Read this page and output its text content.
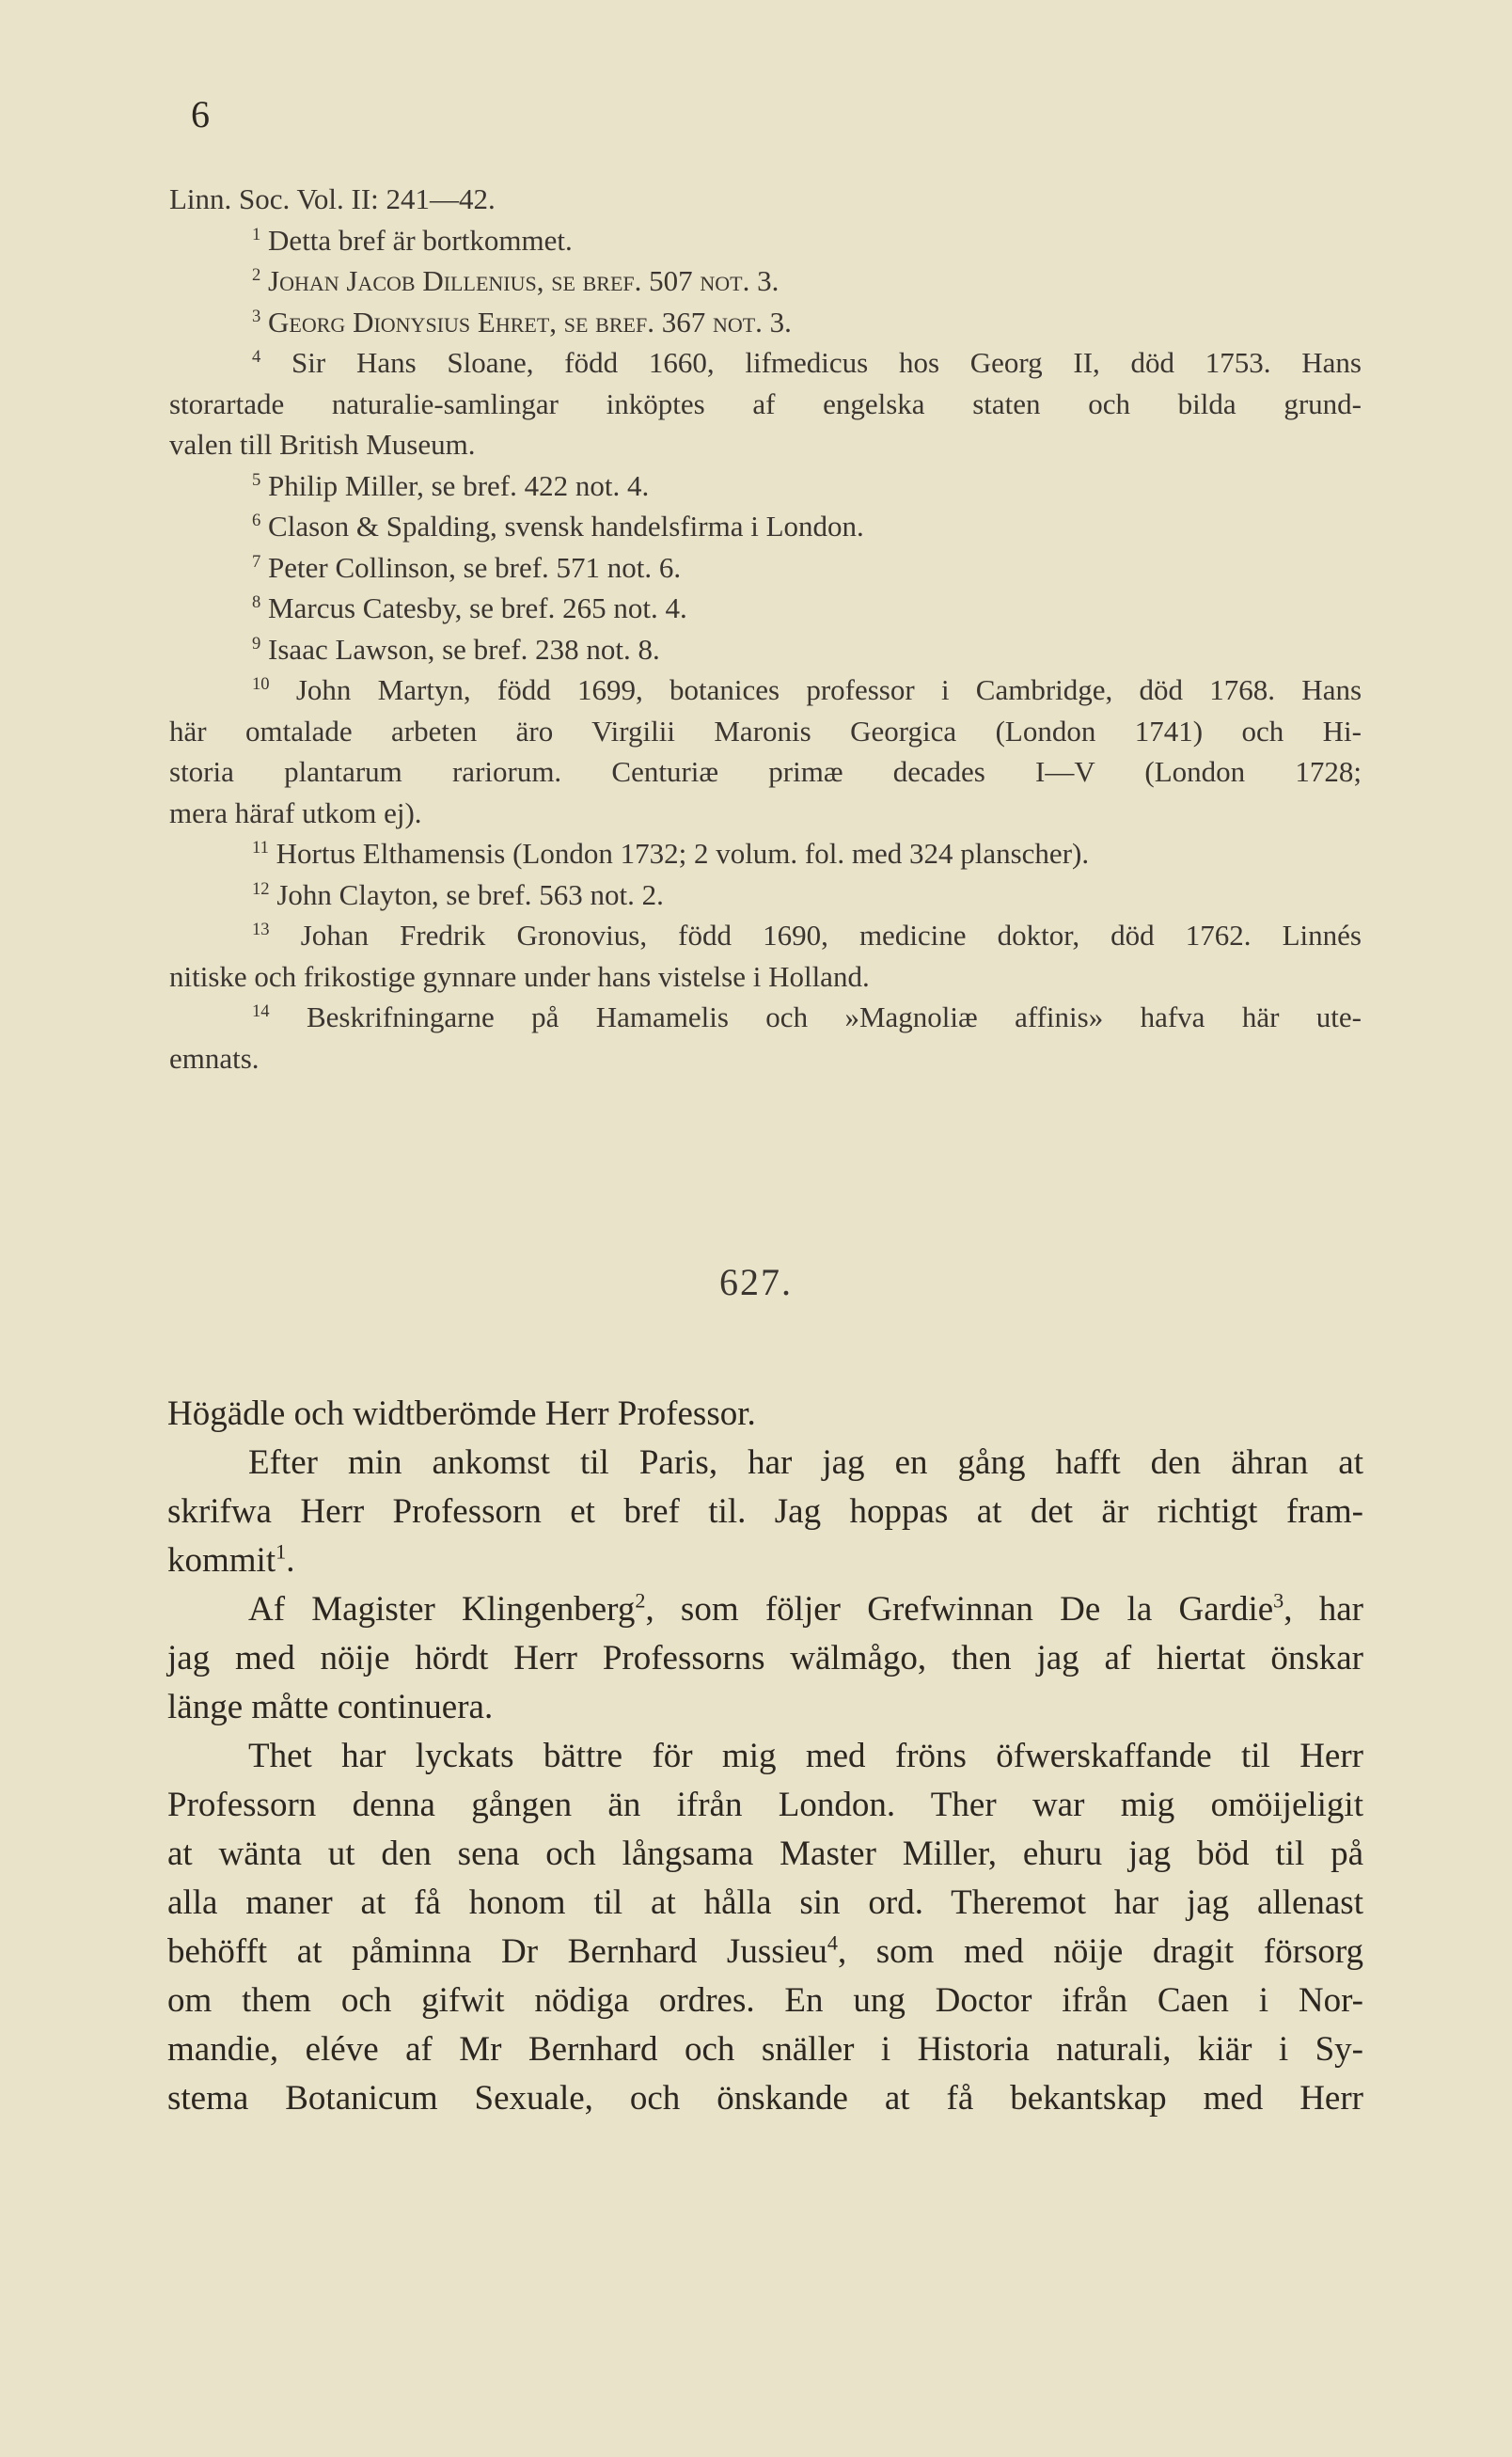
6

Linn. Soc. Vol. II: 241—42.

$^1$ Detta bref är bortkommet.

$^2$ Johan Jacob Dillenius, se bref. 507 not. 3.

$^3$ Georg Dionysius Ehret, se bref. 367 not. 3.

$^4$ Sir Hans Sloane, född 1660, lifmedicus hos Georg II, död 1753. Hans

storartade naturalie-samlingar inköptes af engelska staten och bilda grund-

valen till British Museum.

$^5$ Philip Miller, se bref. 422 not. 4.

$^6$ Clason & Spalding, svensk handelsfirma i London.

$^7$ Peter Collinson, se bref. 571 not. 6.

$^8$ Marcus Catesby, se bref. 265 not. 4.

$^9$ Isaac Lawson, se bref. 238 not. 8.

$^{10}$ John Martyn, född 1699, botanices professor i Cambridge, död 1768. Hans

här omtalade arbeten äro Virgilii Maronis Georgica (London 1741) och Hi-

storia plantarum rariorum. Centuriæ primæ decades I—V (London 1728;

mera häraf utkom ej).

$^{11}$ Hortus Elthamensis (London 1732; 2 volum. fol. med 324 planscher).

$^{12}$ John Clayton, se bref. 563 not. 2.

$^{13}$ Johan Fredrik Gronovius, född 1690, medicine doktor, död 1762. Linnés

nitiske och frikostige gynnare under hans vistelse i Holland.

$^{14}$ Beskrifningarne på Hamamelis och »Magnoliæ affinis» hafva här ute-

emnats.

627.

Högädle och widtberömde Herr Professor.

Efter min ankomst til Paris, har jag en gång hafft den ähran at

skrifwa Herr Professorn et bref til. Jag hoppas at det är richtigt fram-

kommit$^1$.

Af Magister Klingenberg$^2$, som följer Grefwinnan De la Gardie$^3$, har

jag med nöije hördt Herr Professorns wälmågo, then jag af hiertat önskar

länge måtte continuera.

Thet har lyckats bättre för mig med fröns öfwerskaffande til Herr

Professorn denna gången än ifrån London. Ther war mig omöijeligit

at wänta ut den sena och långsama Master Miller, ehuru jag böd til på

alla maner at få honom til at hålla sin ord. Theremot har jag allenast

behöfft at påminna Dr Bernhard Jussieu$^4$, som med nöije dragit försorg

om them och gifwit nödiga ordres. En ung Doctor ifrån Caen i Nor-

mandie, eléve af Mr Bernhard och snäller i Historia naturali, kiär i Sy-

stema Botanicum Sexuale, och önskande at få bekantskap med Herr
